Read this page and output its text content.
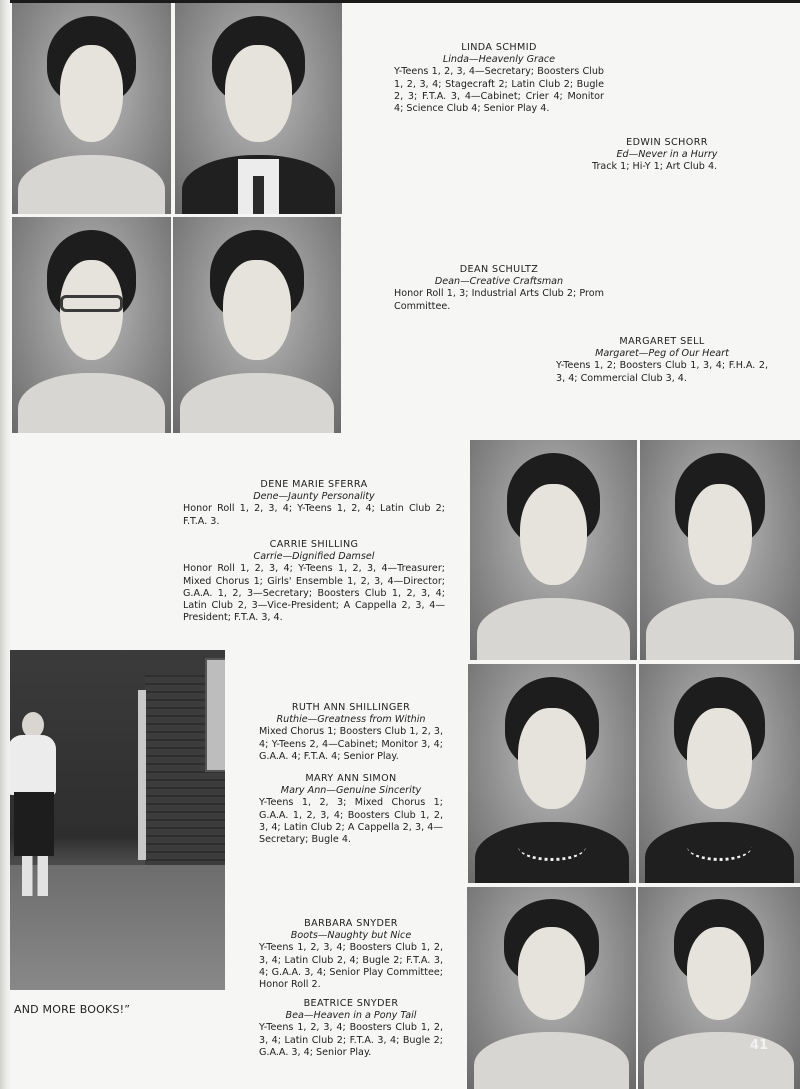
AND MORE BOOKS!”

LINDA SCHMID

Linda—Heavenly Grace

Y-Teens 1, 2, 3, 4—Secretary; Boosters Club 1, 2, 3, 4; Stagecraft 2; Latin Club 2; Bugle 2, 3; F.T.A. 3, 4—Cabinet; Crier 4; Monitor 4; Science Club 4; Senior Play 4.

EDWIN SCHORR

Ed—Never in a Hurry

Track 1; Hi-Y 1; Art Club 4.

DEAN SCHULTZ

Dean—Creative Craftsman

Honor Roll 1, 3; Industrial Arts Club 2; Prom Committee.

MARGARET SELL

Margaret—Peg of Our Heart

Y-Teens 1, 2; Boosters Club 1, 3, 4; F.H.A. 2, 3, 4; Commercial Club 3, 4.

DENE MARIE SFERRA

Dene—Jaunty Personality

Honor Roll 1, 2, 3, 4; Y-Teens 1, 2, 4; Latin Club 2; F.T.A. 3.

CARRIE SHILLING

Carrie—Dignified Damsel

Honor Roll 1, 2, 3, 4; Y-Teens 1, 2, 3, 4—Treasurer; Mixed Chorus 1; Girls' Ensemble 1, 2, 3, 4—Director; G.A.A. 1, 2, 3—Secretary; Boosters Club 1, 2, 3, 4; Latin Club 2, 3—Vice-President; A Cappella 2, 3, 4—President; F.T.A. 3, 4.

RUTH ANN SHILLINGER

Ruthie—Greatness from Within

Mixed Chorus 1; Boosters Club 1, 2, 3, 4; Y-Teens 2, 4—Cabinet; Monitor 3, 4; G.A.A. 4; F.T.A. 4; Senior Play.

MARY ANN SIMON

Mary Ann—Genuine Sincerity

Y-Teens 1, 2, 3; Mixed Chorus 1; G.A.A. 1, 2, 3, 4; Boosters Club 1, 2, 3, 4; Latin Club 2; A Cappella 2, 3, 4—Secretary; Bugle 4.

BARBARA SNYDER

Boots—Naughty but Nice

Y-Teens 1, 2, 3, 4; Boosters Club 1, 2, 3, 4; Latin Club 2, 4; Bugle 2; F.T.A. 3, 4; G.A.A. 3, 4; Senior Play Committee; Honor Roll 2.

BEATRICE SNYDER

Bea—Heaven in a Pony Tail

Y-Teens 1, 2, 3, 4; Boosters Club 1, 2, 3, 4; Latin Club 2; F.T.A. 3, 4; Bugle 2; G.A.A. 3, 4; Senior Play.	41
